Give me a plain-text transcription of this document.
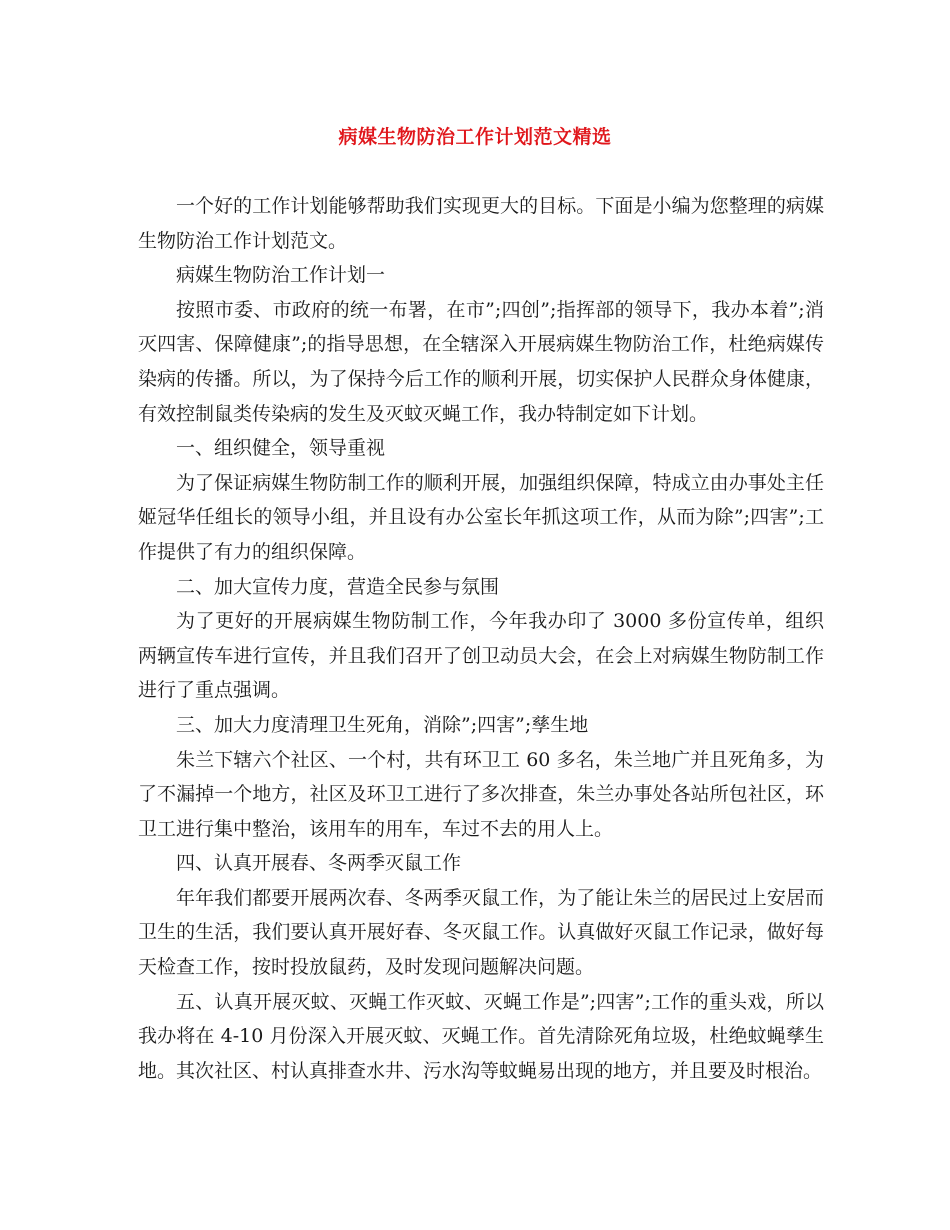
病媒生物防治工作计划范文精选

一个好的工作计划能够帮助我们实现更大的目标。下面是小编为您整理的病媒生物防治工作计划范文。

病媒生物防治工作计划一

按照市委、市政府的统一布署，在市”;四创”;指挥部的领导下，我办本着”;消灭四害、保障健康”;的指导思想，在全辖深入开展病媒生物防治工作，杜绝病媒传染病的传播。所以，为了保持今后工作的顺利开展，切实保护人民群众身体健康，有效控制鼠类传染病的发生及灭蚊灭蝇工作，我办特制定如下计划。

一、组织健全，领导重视

为了保证病媒生物防制工作的顺利开展，加强组织保障，特成立由办事处主任姬冠华任组长的领导小组，并且设有办公室长年抓这项工作，从而为除”;四害”;工作提供了有力的组织保障。

二、加大宣传力度，营造全民参与氛围

为了更好的开展病媒生物防制工作，今年我办印了 3000 多份宣传单，组织两辆宣传车进行宣传，并且我们召开了创卫动员大会，在会上对病媒生物防制工作进行了重点强调。

三、加大力度清理卫生死角，消除”;四害”;孳生地

朱兰下辖六个社区、一个村，共有环卫工 60 多名，朱兰地广并且死角多，为了不漏掉一个地方，社区及环卫工进行了多次排查，朱兰办事处各站所包社区，环卫工进行集中整治，该用车的用车，车过不去的用人上。

四、认真开展春、冬两季灭鼠工作

年年我们都要开展两次春、冬两季灭鼠工作，为了能让朱兰的居民过上安居而卫生的生活，我们要认真开展好春、冬灭鼠工作。认真做好灭鼠工作记录，做好每天检查工作，按时投放鼠药，及时发现问题解决问题。

五、认真开展灭蚊、灭蝇工作灭蚊、灭蝇工作是”;四害”;工作的重头戏，所以我办将在 4-10 月份深入开展灭蚊、灭蝇工作。首先清除死角垃圾，杜绝蚊蝇孳生地。其次社区、村认真排查水井、污水沟等蚊蝇易出现的地方，并且要及时根治。
